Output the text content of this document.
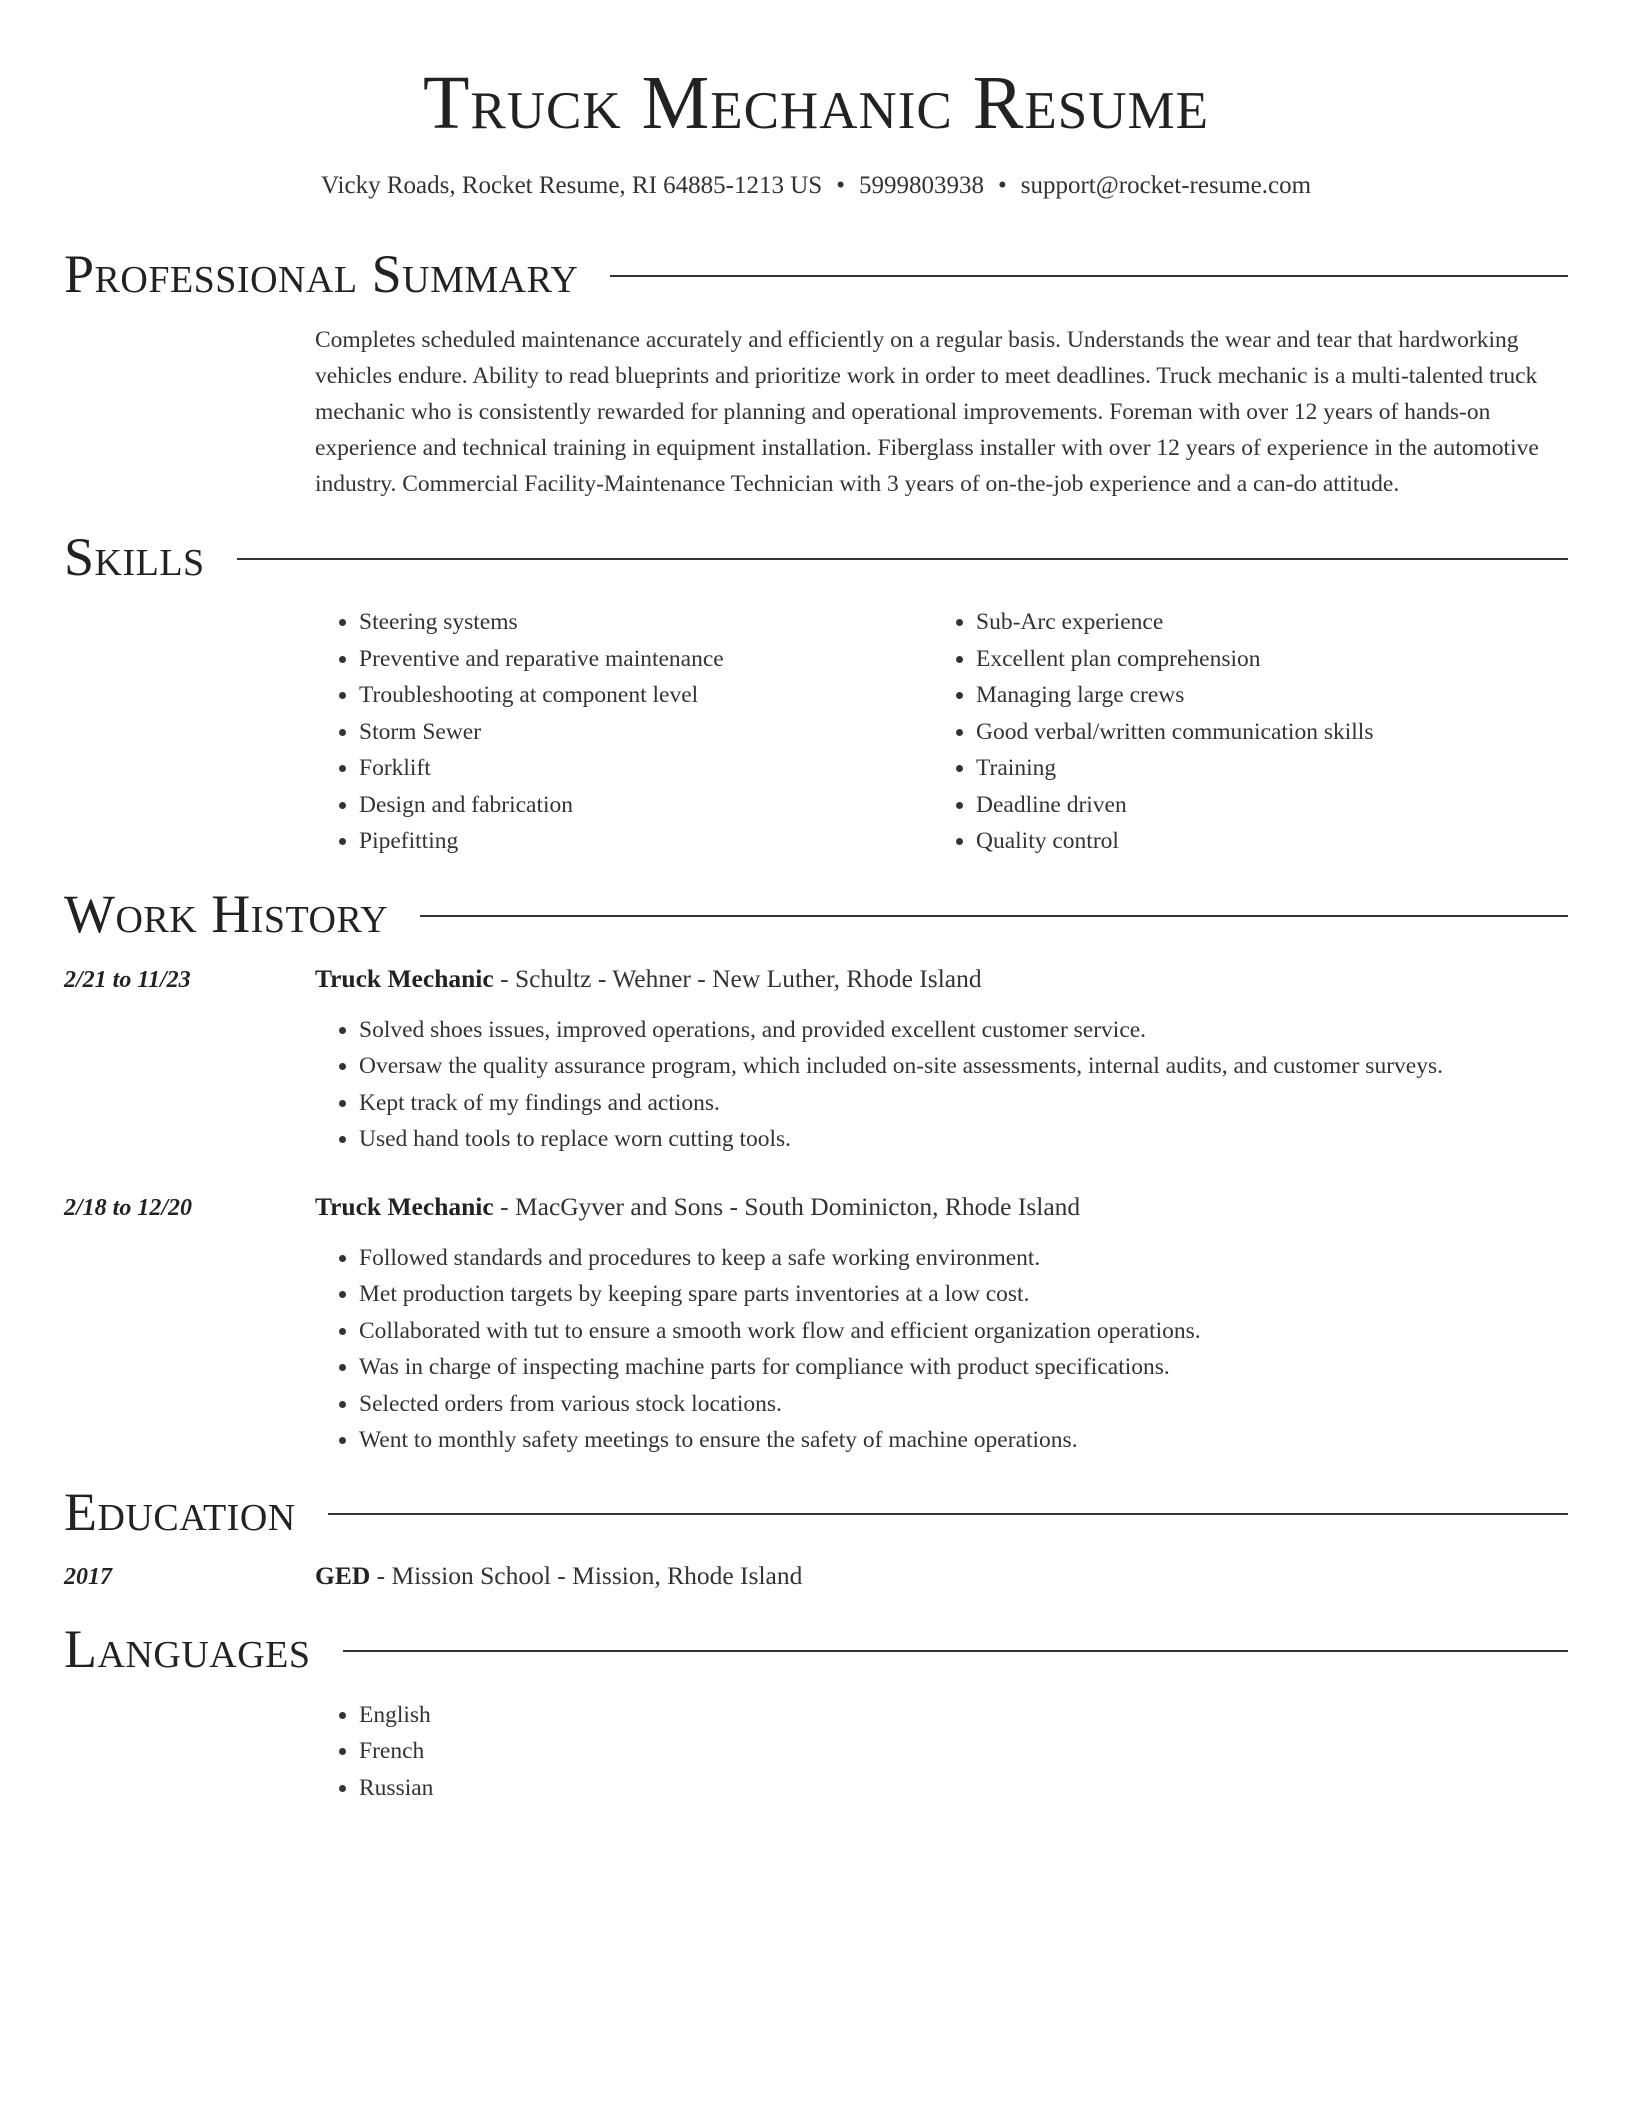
Truck Mechanic Resume
Vicky Roads, Rocket Resume, RI 64885-1213 US • 5999803938 • support@rocket-resume.com
Professional Summary

Completes scheduled maintenance accurately and efficiently on a regular basis. Understands the wear and tear that hardworking vehicles endure. Ability to read blueprints and prioritize work in order to meet deadlines. Truck mechanic is a multi-talented truck mechanic who is consistently rewarded for planning and operational improvements. Foreman with over 12 years of hands-on experience and technical training in equipment installation. Fiberglass installer with over 12 years of experience in the automotive industry. Commercial Facility-Maintenance Technician with 3 years of on-the-job experience and a can-do attitude.

Skills
• Steering systems
• Preventive and reparative maintenance
• Troubleshooting at component level
• Storm Sewer
• Forklift
• Design and fabrication
• Pipefitting
• Sub-Arc experience
• Excellent plan comprehension
• Managing large crews
• Good verbal/written communication skills
• Training
• Deadline driven
• Quality control
Work History
2/21 to 11/23	Truck Mechanic - Schultz - Wehner - New Luther, Rhode Island
• Solved shoes issues, improved operations, and provided excellent customer service.
• Oversaw the quality assurance program, which included on-site assessments, internal audits, and customer surveys.
• Kept track of my findings and actions.
• Used hand tools to replace worn cutting tools.
2/18 to 12/20	Truck Mechanic - MacGyver and Sons - South Dominicton, Rhode Island
• Followed standards and procedures to keep a safe working environment.
• Met production targets by keeping spare parts inventories at a low cost.
• Collaborated with tut to ensure a smooth work flow and efficient organization operations.
• Was in charge of inspecting machine parts for compliance with product specifications.
• Selected orders from various stock locations.
• Went to monthly safety meetings to ensure the safety of machine operations.
Education
2017	GED - Mission School - Mission, Rhode Island
Languages
• English
• French
• Russian
